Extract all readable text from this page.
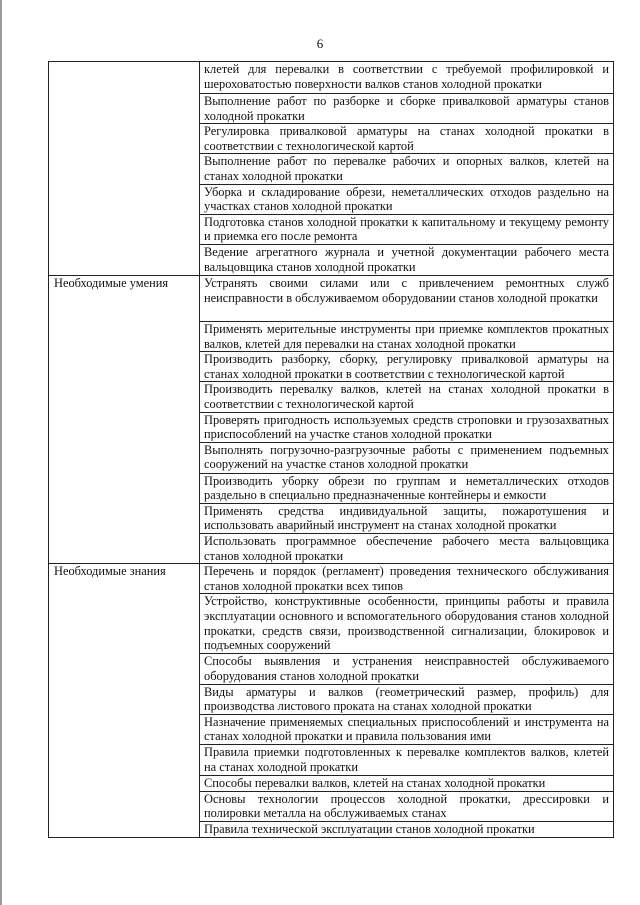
6

	клетей для перевалки в соответствии с требуемой профилировкой и шероховатостью поверхности валков станов холодной прокатки

	Выполнение работ по разборке и сборке привалковой арматуры станов холодной прокатки

	Регулировка привалковой арматуры на станах холодной прокатки в соответствии с технологической картой

	Выполнение работ по перевалке рабочих и опорных валков, клетей на станах холодной прокатки

	Уборка и складирование обрези, неметаллических отходов раздельно на участках станов холодной прокатки

	Подготовка станов холодной прокатки к капитальному и текущему ремонту и приемка его после ремонта

	Ведение агрегатного журнала и учетной документации рабочего места вальцовщика станов холодной прокатки

Необходимые умения	Устранять своими силами или с привлечением ремонтных служб неисправности в обслуживаемом оборудовании станов холодной прокатки

	Применять мерительные инструменты при приемке комплектов прокатных валков, клетей для перевалки на станах холодной прокатки

	Производить разборку, сборку, регулировку привалковой арматуры на станах холодной прокатки в соответствии с технологической картой

	Производить перевалку валков, клетей на станах холодной прокатки в соответствии с технологической картой

	Проверять пригодность используемых средств строповки и грузозахватных приспособлений на участке станов холодной прокатки

	Выполнять погрузочно-разгрузочные работы с применением подъемных сооружений на участке станов холодной прокатки

	Производить уборку обрези по группам и неметаллических отходов раздельно в специально предназначенные контейнеры и емкости

	Применять средства индивидуальной защиты, пожаротушения и использовать аварийный инструмент на станах холодной прокатки

	Использовать программное обеспечение рабочего места вальцовщика станов холодной прокатки

Необходимые знания	Перечень и порядок (регламент) проведения технического обслуживания станов холодной прокатки всех типов

	Устройство, конструктивные особенности, принципы работы и правила эксплуатации основного и вспомогательного оборудования станов холодной прокатки, средств связи, производственной сигнализации, блокировок и подъемных сооружений

	Способы выявления и устранения неисправностей обслуживаемого оборудования станов холодной прокатки

	Виды арматуры и валков (геометрический размер, профиль) для производства листового проката на станах холодной прокатки

	Назначение применяемых специальных приспособлений и инструмента на станах холодной прокатки и правила пользования ими

	Правила приемки подготовленных к перевалке комплектов валков, клетей на станах холодной прокатки

	Способы перевалки валков, клетей на станах холодной прокатки

	Основы технологии процессов холодной прокатки, дрессировки и полировки металла на обслуживаемых станах

	Правила технической эксплуатации станов холодной прокатки
